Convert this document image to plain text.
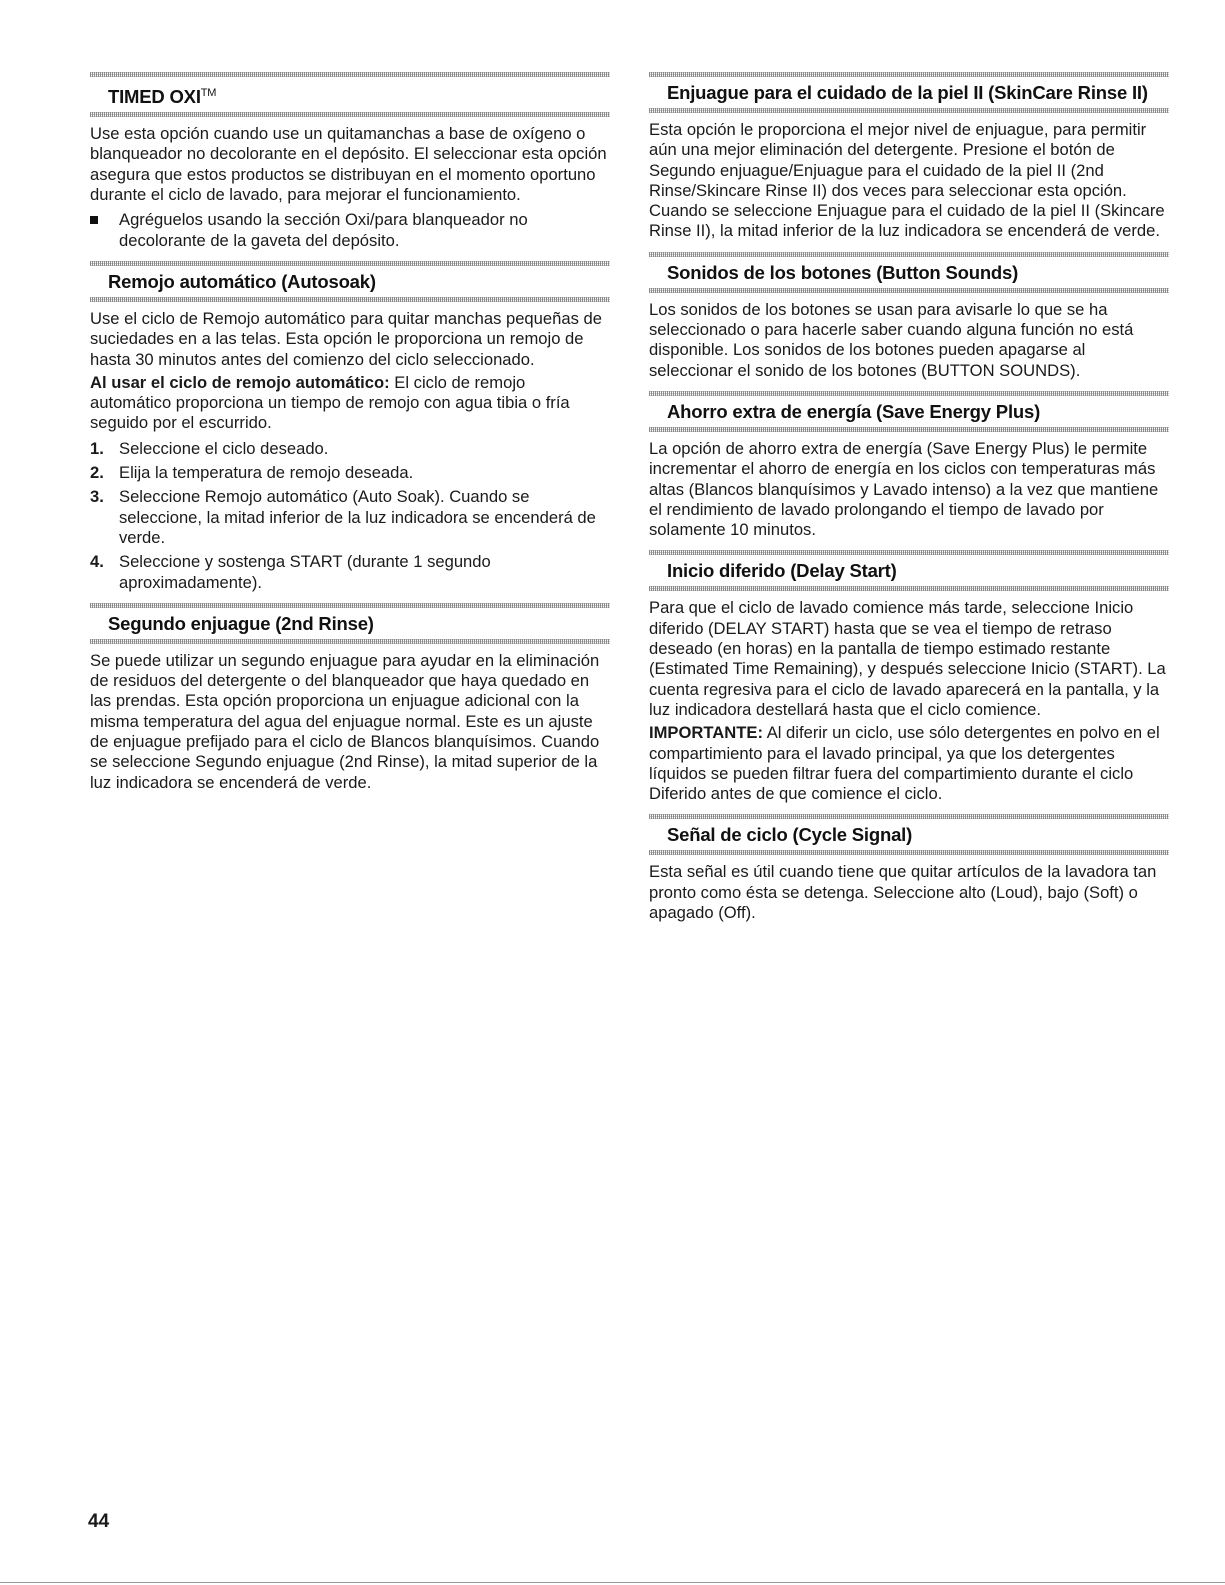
TIMED OXI™

Use esta opción cuando use un quitamanchas a base de oxígeno o blanqueador no decolorante en el depósito. El seleccionar esta opción asegura que estos productos se distribuyan en el momento oportuno durante el ciclo de lavado, para mejorar el funcionamiento.

Agréguelos usando la sección Oxi/para blanqueador no decolorante de la gaveta del depósito.
Remojo automático (Autosoak)

Use el ciclo de Remojo automático para quitar manchas pequeñas de suciedades en a las telas. Esta opción le proporciona un remojo de hasta 30 minutos antes del comienzo del ciclo seleccionado.

Al usar el ciclo de remojo automático: El ciclo de remojo automático proporciona un tiempo de remojo con agua tibia o fría seguido por el escurrido.

1. Seleccione el ciclo deseado.
2. Elija la temperatura de remojo deseada.
3. Seleccione Remojo automático (Auto Soak). Cuando se seleccione, la mitad inferior de la luz indicadora se encenderá de verde.
4. Seleccione y sostenga START (durante 1 segundo aproximadamente).
Segundo enjuague (2nd Rinse)

Se puede utilizar un segundo enjuague para ayudar en la eliminación de residuos del detergente o del blanqueador que haya quedado en las prendas. Esta opción proporciona un enjuague adicional con la misma temperatura del agua del enjuague normal. Este es un ajuste de enjuague prefijado para el ciclo de Blancos blanquísimos. Cuando se seleccione Segundo enjuague (2nd Rinse), la mitad superior de la luz indicadora se encenderá de verde.

Enjuague para el cuidado de la piel II (SkinCare Rinse II)

Esta opción le proporciona el mejor nivel de enjuague, para permitir aún una mejor eliminación del detergente. Presione el botón de Segundo enjuague/Enjuague para el cuidado de la piel II (2nd Rinse/Skincare Rinse II) dos veces para seleccionar esta opción. Cuando se seleccione Enjuague para el cuidado de la piel II (Skincare Rinse II), la mitad inferior de la luz indicadora se encenderá de verde.

Sonidos de los botones (Button Sounds)

Los sonidos de los botones se usan para avisarle lo que se ha seleccionado o para hacerle saber cuando alguna función no está disponible. Los sonidos de los botones pueden apagarse al seleccionar el sonido de los botones (BUTTON SOUNDS).

Ahorro extra de energía (Save Energy Plus)

La opción de ahorro extra de energía (Save Energy Plus) le permite incrementar el ahorro de energía en los ciclos con temperaturas más altas (Blancos blanquísimos y Lavado intenso) a la vez que mantiene el rendimiento de lavado prolongando el tiempo de lavado por solamente 10 minutos.

Inicio diferido (Delay Start)

Para que el ciclo de lavado comience más tarde, seleccione Inicio diferido (DELAY START) hasta que se vea el tiempo de retraso deseado (en horas) en la pantalla de tiempo estimado restante (Estimated Time Remaining), y después seleccione Inicio (START). La cuenta regresiva para el ciclo de lavado aparecerá en la pantalla, y la luz indicadora destellará hasta que el ciclo comience.

IMPORTANTE: Al diferir un ciclo, use sólo detergentes en polvo en el compartimiento para el lavado principal, ya que los detergentes líquidos se pueden filtrar fuera del compartimiento durante el ciclo Diferido antes de que comience el ciclo.

Señal de ciclo (Cycle Signal)

Esta señal es útil cuando tiene que quitar artículos de la lavadora tan pronto como ésta se detenga. Seleccione alto (Loud), bajo (Soft) o apagado (Off).

44
